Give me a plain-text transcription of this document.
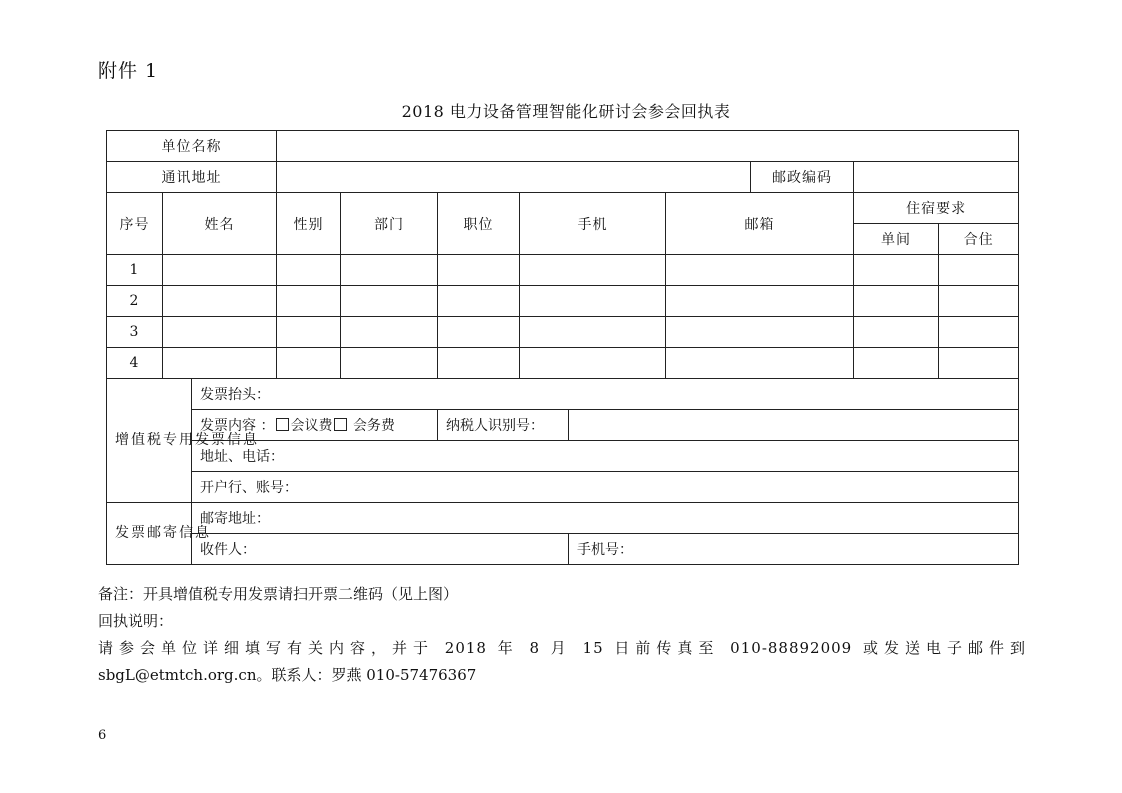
附件 1
2018 电力设备管理智能化研讨会参会回执表
单位名称											
通讯地址									邮政编码		
序号	姓名		性别	部门	职位	手机		邮箱		住宿要求	
										单间	合住
1											
2											
3											
4											
增值税专用发票信息		发票抬头：									
		发票内容 ： 会议费 会务费			纳税人识别号：						
		地址、电话：									
		开户行、账号：									
发票邮寄信息		邮寄地址：									
		收件人：					手机号：				
备注：开具增值税专用发票请扫开票二维码（见上图）
回执说明：
请参会单位详细填写有关内容，并于 2018 年 8 月 15 日前传真至 010-88892009 或发送电子邮件到
sbgL@etmtch.org.cn。联系人：罗燕 010-57476367
6
